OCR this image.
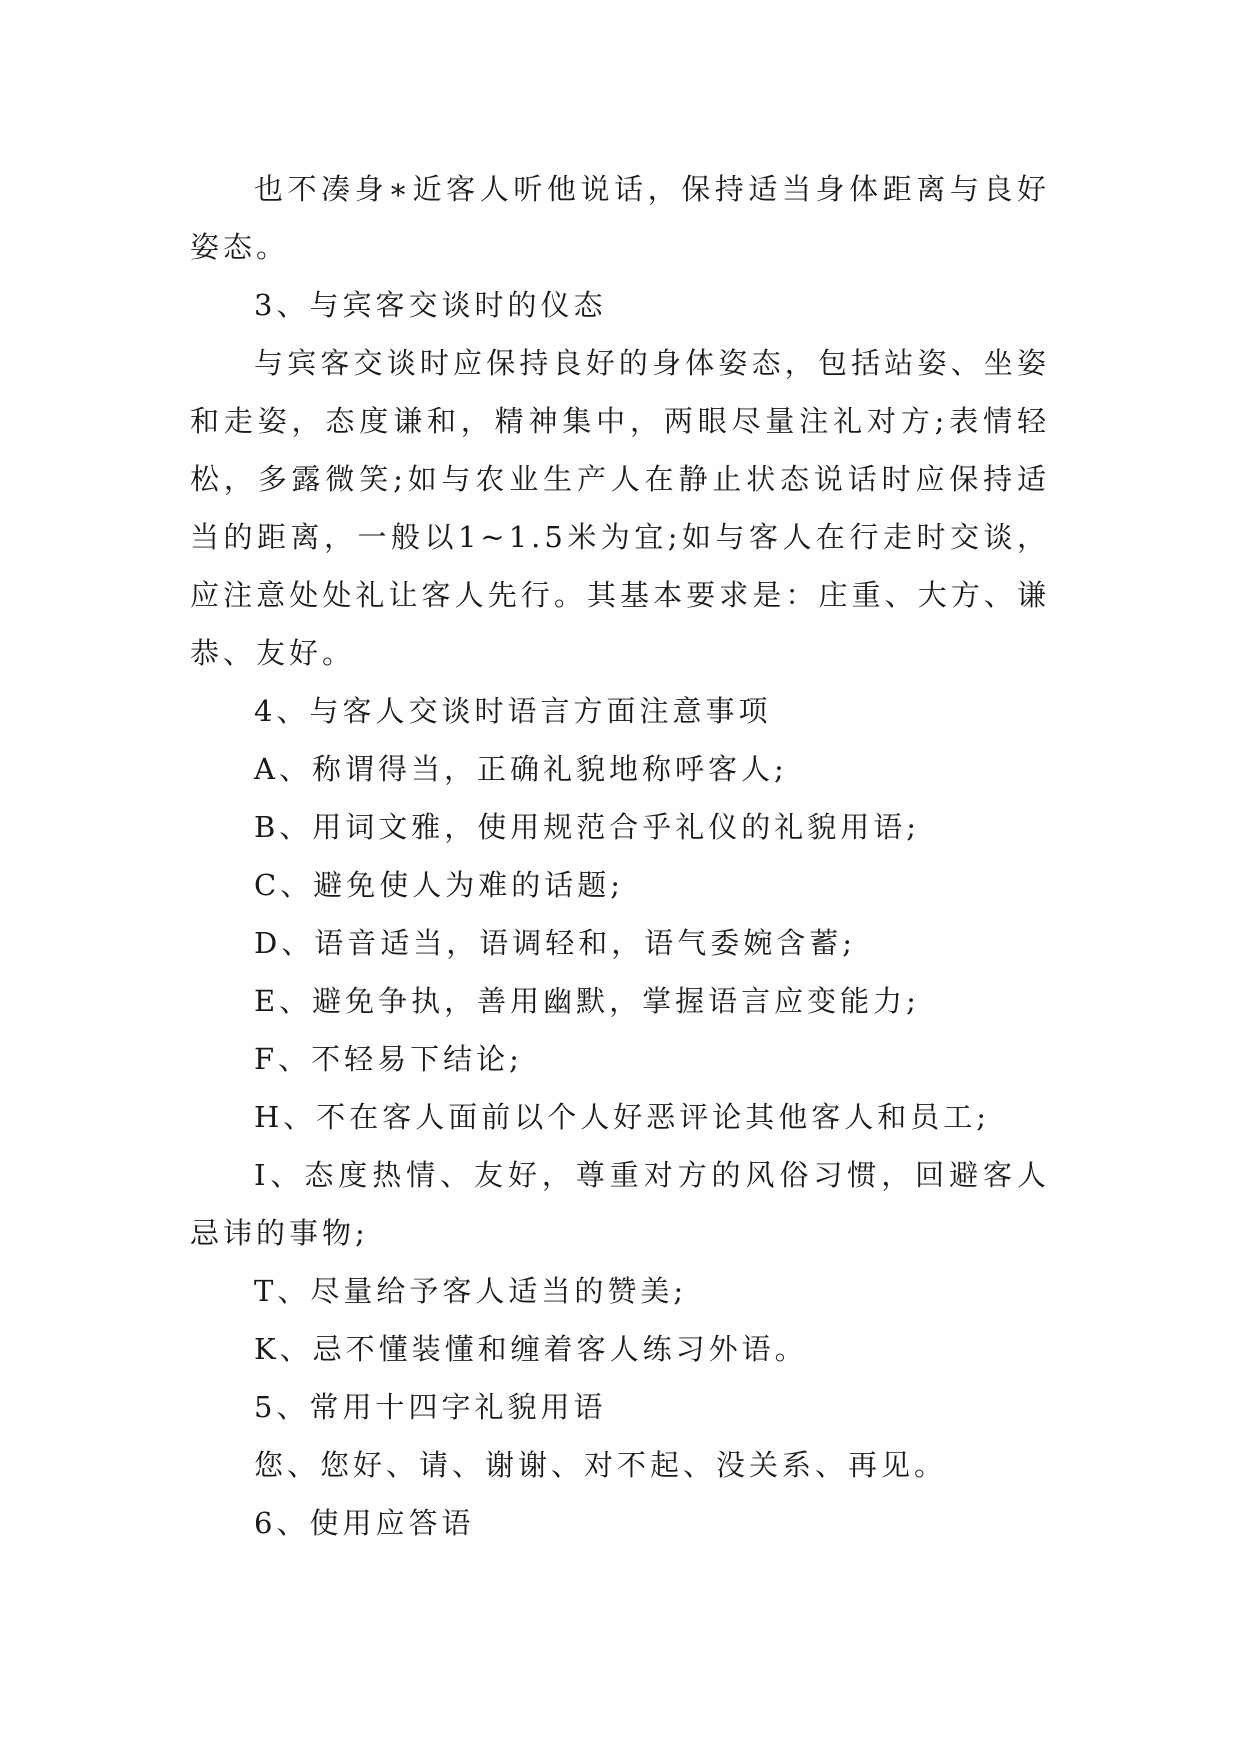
也不凑身∗近客人听他说话，保持适当身体距离与良好姿态。

3、与宾客交谈时的仪态

与宾客交谈时应保持良好的身体姿态，包括站姿、坐姿和走姿，态度谦和，精神集中，两眼尽量注礼对方;表情轻松，多露微笑;如与农业生产人在静止状态说话时应保持适当的距离，一般以1~1.5米为宜;如与客人在行走时交谈，应注意处处礼让客人先行。其基本要求是：庄重、大方、谦恭、友好。

4、与客人交谈时语言方面注意事项

A、称谓得当，正确礼貌地称呼客人;

B、用词文雅，使用规范合乎礼仪的礼貌用语;

C、避免使人为难的话题;

D、语音适当，语调轻和，语气委婉含蓄;

E、避免争执，善用幽默，掌握语言应变能力;

F、不轻易下结论;

H、不在客人面前以个人好恶评论其他客人和员工;

I、态度热情、友好，尊重对方的风俗习惯，回避客人忌讳的事物;

T、尽量给予客人适当的赞美;

K、忌不懂装懂和缠着客人练习外语。

5、常用十四字礼貌用语

您、您好、请、谢谢、对不起、没关系、再见。

6、使用应答语
